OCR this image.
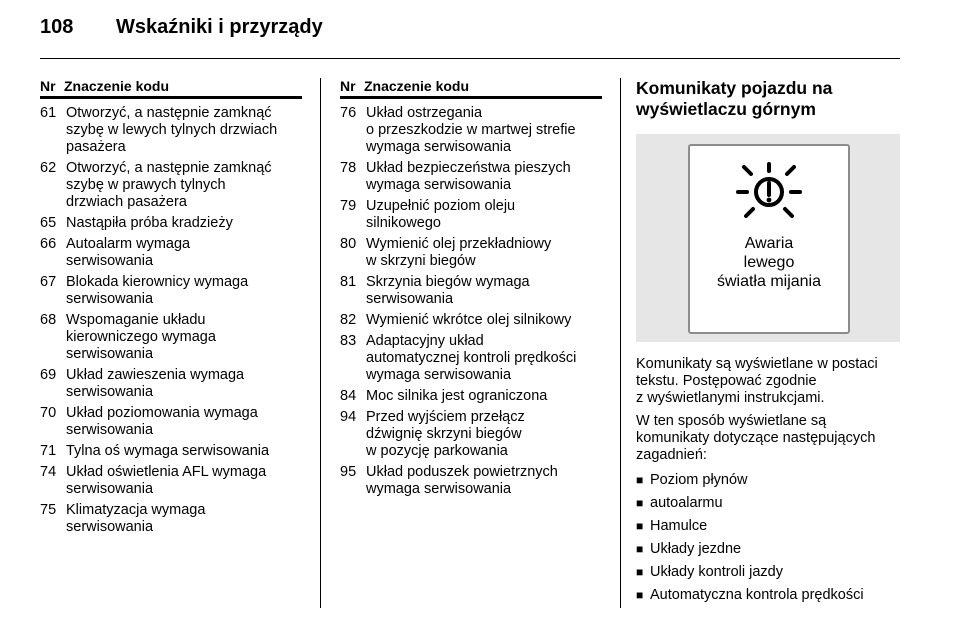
108	Wskaźniki i przyrządy
Nr Znaczenie kodu
61 Otworzyć, a następnie zamknąć
szybę w lewych tylnych drzwiach
pasażera
62 Otworzyć, a następnie zamknąć
szybę w prawych tylnych
drzwiach pasażera
65 Nastąpiła próba kradzieży
66 Autoalarm wymaga
serwisowania
67 Blokada kierownicy wymaga
serwisowania
68 Wspomaganie układu
kierowniczego wymaga
serwisowania
69 Układ zawieszenia wymaga
serwisowania
70 Układ poziomowania wymaga
serwisowania
71 Tylna oś wymaga serwisowania
74 Układ oświetlenia AFL wymaga
serwisowania
75 Klimatyzacja wymaga
serwisowania
Nr Znaczenie kodu
76 Układ ostrzegania
o przeszkodzie w martwej strefie
wymaga serwisowania
78 Układ bezpieczeństwa pieszych
wymaga serwisowania
79 Uzupełnić poziom oleju
silnikowego
80 Wymienić olej przekładniowy
w skrzyni biegów
81 Skrzynia biegów wymaga
serwisowania
82 Wymienić wkrótce olej silnikowy
83 Adaptacyjny układ
automatycznej kontroli prędkości
wymaga serwisowania
84 Moc silnika jest ograniczona
94 Przed wyjściem przełącz
dźwignię skrzyni biegów
w pozycję parkowania
95 Układ poduszek powietrznych
wymaga serwisowania
Komunikaty pojazdu na
wyświetlaczu górnym
Awaria
lewego
światła mijania

Komunikaty są wyświetlane w postaci
tekstu. Postępować zgodnie
z wyświetlanymi instrukcjami.

W ten sposób wyświetlane są
komunikaty dotyczące następujących
zagadnień:

■ Poziom płynów
■ autoalarmu
■ Hamulce
■ Układy jezdne
■ Układy kontroli jazdy
■ Automatyczna kontrola prędkości
